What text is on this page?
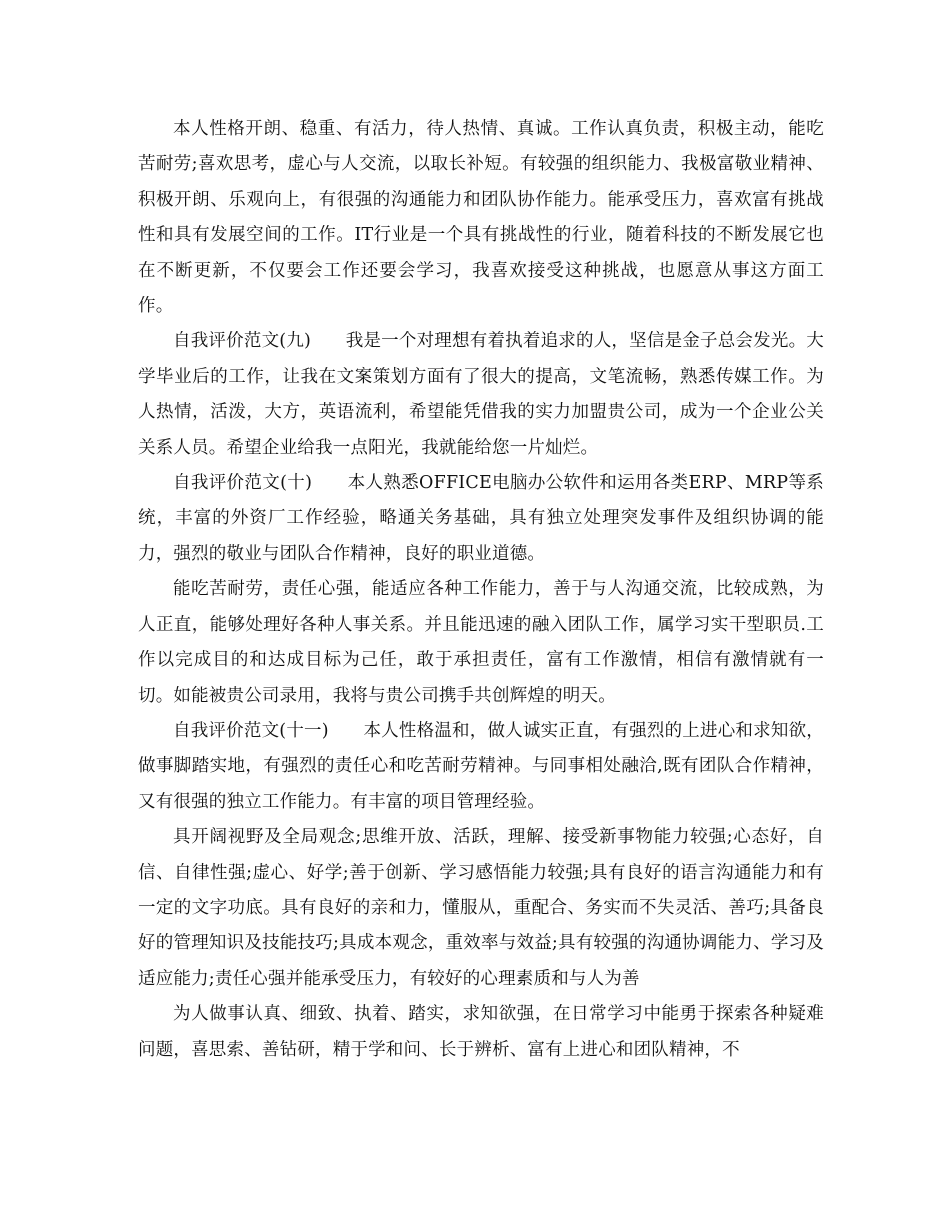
本人性格开朗、稳重、有活力，待人热情、真诚。工作认真负责，积极主动，能吃苦耐劳;喜欢思考，虚心与人交流，以取长补短。有较强的组织能力、我极富敬业精神、积极开朗、乐观向上，有很强的沟通能力和团队协作能力。能承受压力，喜欢富有挑战性和具有发展空间的工作。IT行业是一个具有挑战性的行业，随着科技的不断发展它也在不断更新，不仅要会工作还要会学习，我喜欢接受这种挑战，也愿意从事这方面工作。

自我评价范文(九)      我是一个对理想有着执着追求的人，坚信是金子总会发光。大学毕业后的工作，让我在文案策划方面有了很大的提高，文笔流畅，熟悉传媒工作。为人热情，活泼，大方，英语流利，希望能凭借我的实力加盟贵公司，成为一个企业公关关系人员。希望企业给我一点阳光，我就能给您一片灿烂。

自我评价范文(十)      本人熟悉OFFICE电脑办公软件和运用各类ERP、MRP等系统，丰富的外资厂工作经验，略通关务基础，具有独立处理突发事件及组织协调的能力，强烈的敬业与团队合作精神，良好的职业道德。

能吃苦耐劳，责任心强，能适应各种工作能力，善于与人沟通交流，比较成熟，为人正直，能够处理好各种人事关系。并且能迅速的融入团队工作，属学习实干型职员.工作以完成目的和达成目标为己任，敢于承担责任，富有工作激情，相信有激情就有一切。如能被贵公司录用，我将与贵公司携手共创辉煌的明天。

自我评价范文(十一)      本人性格温和，做人诚实正直，有强烈的上进心和求知欲，做事脚踏实地，有强烈的责任心和吃苦耐劳精神。与同事相处融洽,既有团队合作精神，又有很强的独立工作能力。有丰富的项目管理经验。

具开阔视野及全局观念;思维开放、活跃，理解、接受新事物能力较强;心态好，自信、自律性强;虚心、好学;善于创新、学习感悟能力较强;具有良好的语言沟通能力和有一定的文字功底。具有良好的亲和力，懂服从，重配合、务实而不失灵活、善巧;具备良好的管理知识及技能技巧;具成本观念，重效率与效益;具有较强的沟通协调能力、学习及适应能力;责任心强并能承受压力，有较好的心理素质和与人为善

为人做事认真、细致、执着、踏实，求知欲强，在日常学习中能勇于探索各种疑难问题，喜思索、善钻研，精于学和问、长于辨析、富有上进心和团队精神，不
